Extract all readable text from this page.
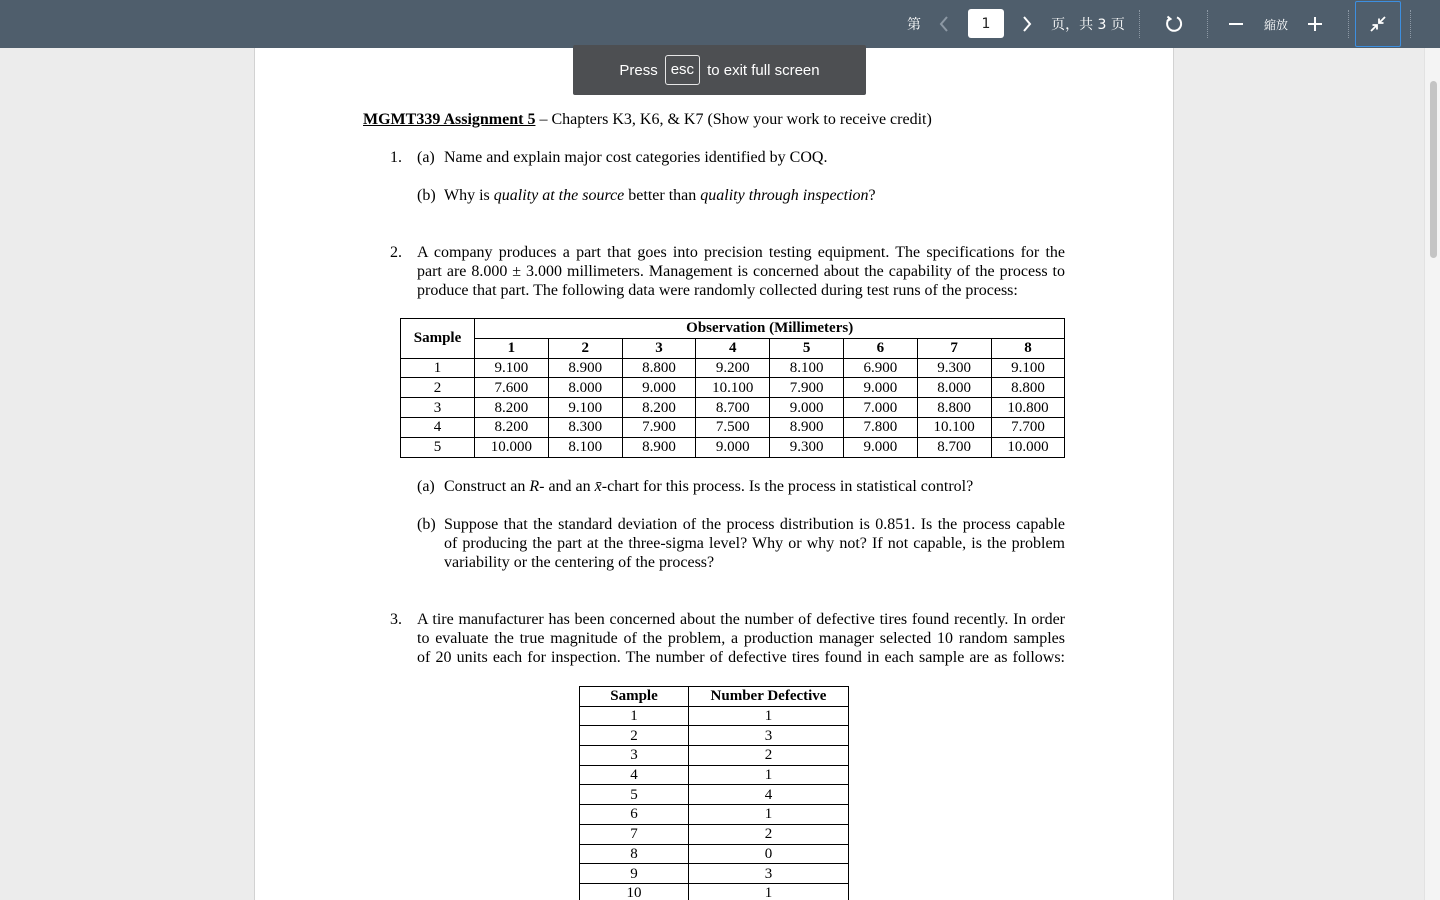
第	1	页，共 3 页	縮放
MGMT339 Assignment 5 – Chapters K3, K6, & K7 (Show your work to receive credit)
1. (a) Name and explain major cost categories identified by COQ.
(b) Why is quality at the source better than quality through inspection?
2. A company produces a part that goes into precision testing equipment. The specifications for the
part are 8.000 ± 3.000 millimeters. Management is concerned about the capability of the process to
produce that part. The following data were randomly collected during test runs of the process:
Sample	Observation (Millimeters)							
	1	2	3	4	5	6	7	8
1	9.100	8.900	8.800	9.200	8.100	6.900	9.300	9.100
2	7.600	8.000	9.000	10.100	7.900	9.000	8.000	8.800
3	8.200	9.100	8.200	8.700	9.000	7.000	8.800	10.800
4	8.200	8.300	7.900	7.500	8.900	7.800	10.100	7.700
5	10.000	8.100	8.900	9.000	9.300	9.000	8.700	10.000
(a) Construct an R- and an x̄-chart for this process. Is the process in statistical control?
(b) Suppose that the standard deviation of the process distribution is 0.851. Is the process capable
of producing the part at the three-sigma level? Why or why not? If not capable, is the problem
variability or the centering of the process?
3. A tire manufacturer has been concerned about the number of defective tires found recently. In order
to evaluate the true magnitude of the problem, a production manager selected 10 random samples
of 20 units each for inspection. The number of defective tires found in each sample are as follows:
Sample	Number Defective
1	1
2	3
3	2
4	1
5	4
6	1
7	2
8	0
9	3
10	1
Press esc to exit full screen
